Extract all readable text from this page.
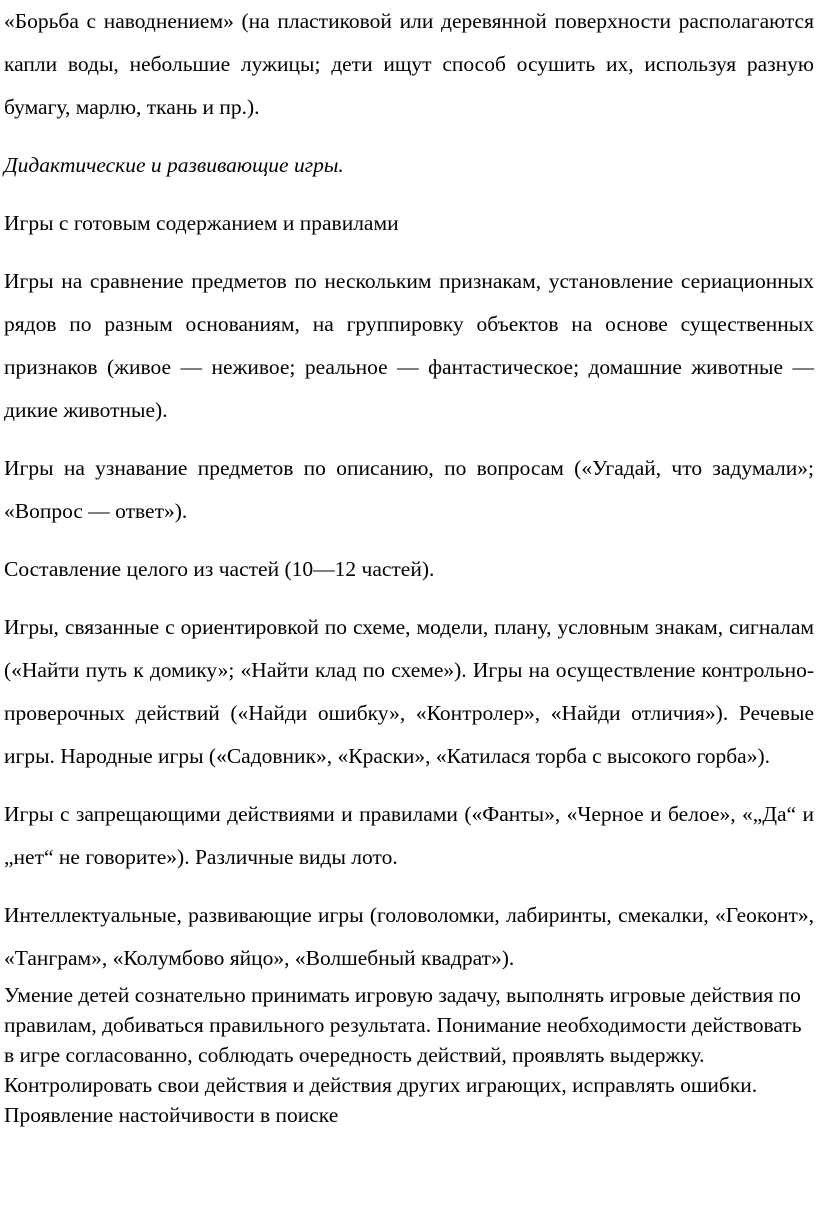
«Борьба с наводнением» (на пластиковой или деревянной поверхности располагаются капли воды, небольшие лужицы; дети ищут способ осушить их, используя разную бумагу, марлю, ткань и пр.).

Дидактические и развивающие игры.

Игры с готовым содержанием и правилами

Игры на сравнение предметов по нескольким признакам, установление сериационных рядов по разным основаниям, на группировку объектов на основе существенных признаков (живое — неживое; реальное — фантастическое; домашние животные — дикие животные).

Игры на узнавание предметов по описанию, по вопросам («Угадай, что задумали»; «Вопрос — ответ»).

Составление целого из частей (10—12 частей).

Игры, связанные с ориентировкой по схеме, модели, плану, условным знакам, сигналам («Найти путь к домику»; «Найти клад по схеме»). Игры на осуществление контрольно-проверочных действий («Найди ошибку», «Контролер», «Найди отличия»). Речевые игры. Народные игры («Садовник», «Краски», «Катилася торба с высокого горба»).

Игры с запрещающими действиями и правилами («Фанты», «Черное и белое», «„Да“ и „нет“ не говорите»). Различные виды лото.

Интеллектуальные, развивающие игры (головоломки, лабиринты, смекалки, «Геоконт», «Танграм», «Колумбово яйцо», «Волшебный квадрат»).

Умение детей сознательно принимать игровую задачу, выполнять игровые действия по правилам, добиваться правильного результата. Понимание необходимости действовать в игре согласованно, соблюдать очередность действий, проявлять выдержку. Контролировать свои действия и действия других играющих, исправлять ошибки. Проявление настойчивости в поиске
